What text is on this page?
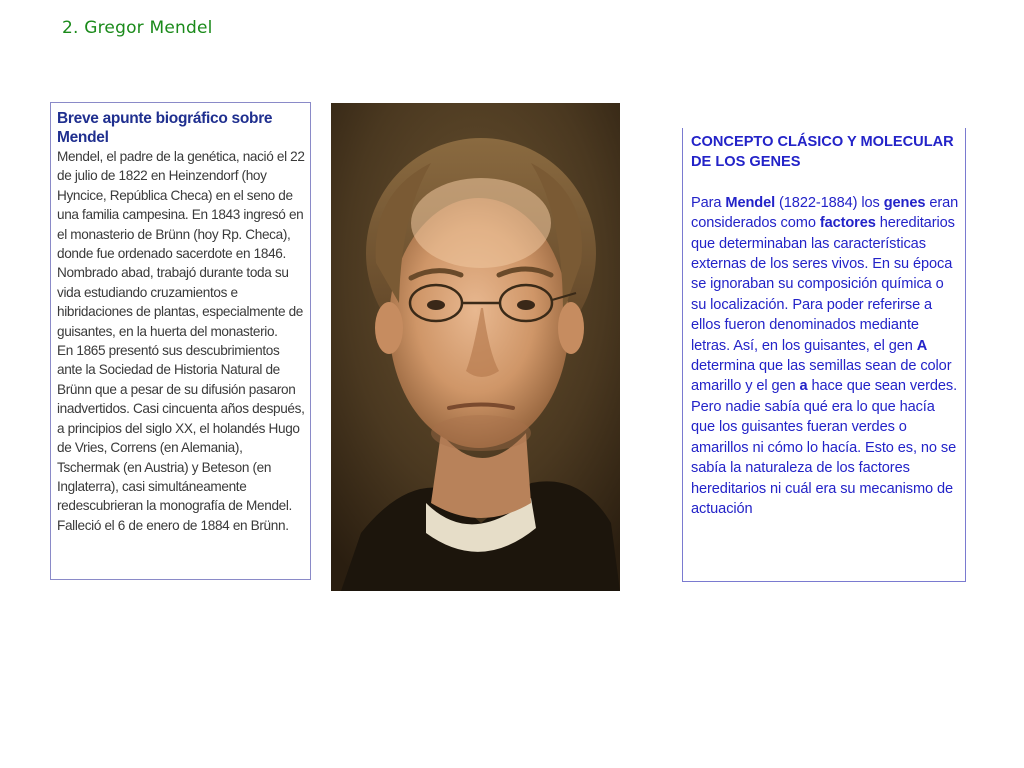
2. Gregor Mendel
Breve apunte biográfico sobre Mendel

Mendel, el padre de la genética, nació el 22 de julio de 1822 en Heinzendorf (hoy Hyncice, República Checa) en el seno de una familia campesina. En 1843 ingresó en el monasterio de Brünn (hoy Rp. Checa), donde fue ordenado sacerdote en 1846. Nombrado abad, trabajó durante toda su vida estudiando cruzamientos e hibridaciones de plantas, especialmente de guisantes, en la huerta del monasterio.

En 1865 presentó sus descubrimientos ante la Sociedad de Historia Natural de Brünn que a pesar de su difusión pasaron inadvertidos. Casi cincuenta años después, a principios del siglo XX, el holandés Hugo de Vries, Correns (en Alemania), Tschermak (en Austria) y Beteson (en Inglaterra), casi simultáneamente redescubrieran la monografía de Mendel.

Falleció el 6 de enero de 1884 en Brünn.

CONCEPTO CLÁSICO Y MOLECULAR DE LOS GENES

Para Mendel (1822-1884) los genes eran considerados como factores hereditarios que determinaban las características externas de los seres vivos. En su época se ignoraban su composición química o su localización. Para poder referirse a ellos fueron denominados mediante letras. Así, en los guisantes, el gen A determina que las semillas sean de color amarillo y el gen a hace que sean verdes. Pero nadie sabía qué era lo que hacía que los guisantes fueran verdes o amarillos ni cómo lo hacía. Esto es, no se sabía la naturaleza de los factores hereditarios ni cuál era su mecanismo de actuación
